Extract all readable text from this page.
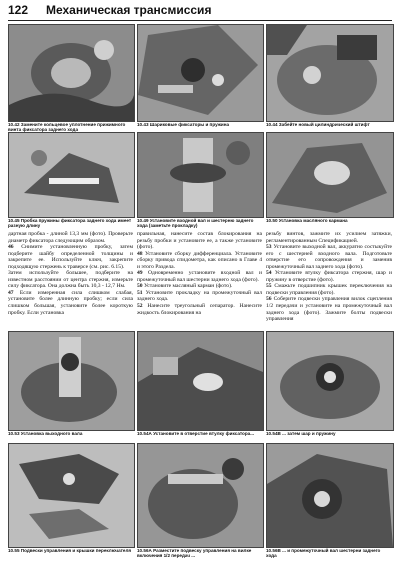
122 Механическая трансмиссия
10.42 Замените кольцевое уплотнение прижимного винта фиксатора заднего хода
10.43 Шариковые фиксаторы и пружина	10.44 Забейте новый цилиндрический штифт
10.45 Пробка пружины фиксатора заднего хода имеет разную длину
10.49 Установите входной вал и шестерню заднего хода (заметьте прокладку)
10.50 Установка масляного кармана

дартная пробка - длиной 13,3 мм (фото). Проверьте диаметр фиксатора следующим образом.

46 Снимите установленную пробку, затем подберите шайбу определенной толщины и закрепите ее. Используйте ключ, закрепите подходящую стержень к траверсе (см. рис. 6.15).

Затем используйте большее, подберите на известном расстоянии от центра стержня, измерьте силу фиксатора. Она должна быть 10,3 - 12,7 Нм.

47 Если измеренная сила слишком слабая, установите более длинную пробку; если сила слишком большая, установите более короткую пробку. Если установка

правильная, нанесите состав блокирования на резьбу пробки и установите ее, а также установите (фото).

48 Установите сборку дифференциала. Установите сборку привода спидометра, как описано в Главе 4 и этого Раздела.

49 Одновременно установите входной вал и промежуточный вал шестерни заднего хода (фото).

50 Установите масляный карман (фото).

51 Установите прокладку на промежуточный вал заднего хода.

52 Нанесите треугольный сепаратор. Нанесите жидкость блокирования на

резьбу винтов, зажмите их усилием затяжки, регламентированным Спецификацией.

53 Установите выходной вал, аккуратно состыкуйте его с шестерней входного вала. Подготовьте отверстие его сопровождения и заменив промежуточный вал заднего хода (фото).

54 Установите втулку фиксатора стержня, шар и пружину в отверстие (фото).

55 Смажьте подшипник крышек переключения на подвески управления (фото).

56 Соберите подвески управления вилок сцепления 1/2 передачи и установите на промежуточный вал заднего хода (фото). Зажмите болты подвески управления

10.53 Установка выходного вала	10.54А Установите в отверстие втулку фиксатора...	10.54В ... затем шар и пружину
10.55 Подвески управления и крышки переключателя	10.56А Разместите подвеску управления на вилке включения 1/2 передач ...
10.56В ... и промежуточный вал шестерни заднего хода
